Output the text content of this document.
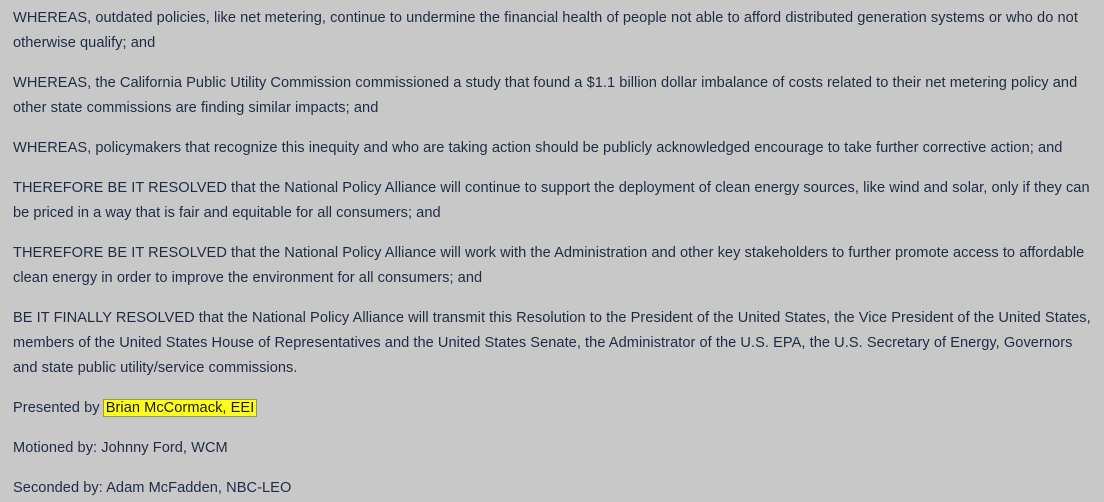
WHEREAS, outdated policies, like net metering, continue to undermine the financial health of people not able to afford distributed generation systems or who do not otherwise qualify; and

WHEREAS, the California Public Utility Commission commissioned a study that found a $1.1 billion dollar imbalance of costs related to their net metering policy and other state commissions are finding similar impacts; and

WHEREAS, policymakers that recognize this inequity and who are taking action should be publicly acknowledged encourage to take further corrective action; and

THEREFORE BE IT RESOLVED that the National Policy Alliance will continue to support the deployment of clean energy sources, like wind and solar, only if they can be priced in a way that is fair and equitable for all consumers; and

THEREFORE BE IT RESOLVED that the National Policy Alliance will work with the Administration and other key stakeholders to further promote access to affordable clean energy in order to improve the environment for all consumers; and

BE IT FINALLY RESOLVED that the National Policy Alliance will transmit this Resolution to the President of the United States, the Vice President of the United States, members of the United States House of Representatives and the United States Senate, the Administrator of the U.S. EPA, the U.S. Secretary of Energy, Governors and state public utility/service commissions.

Presented by Brian McCormack, EEI

Motioned by: Johnny Ford, WCM

Seconded by: Adam McFadden, NBC-LEO
